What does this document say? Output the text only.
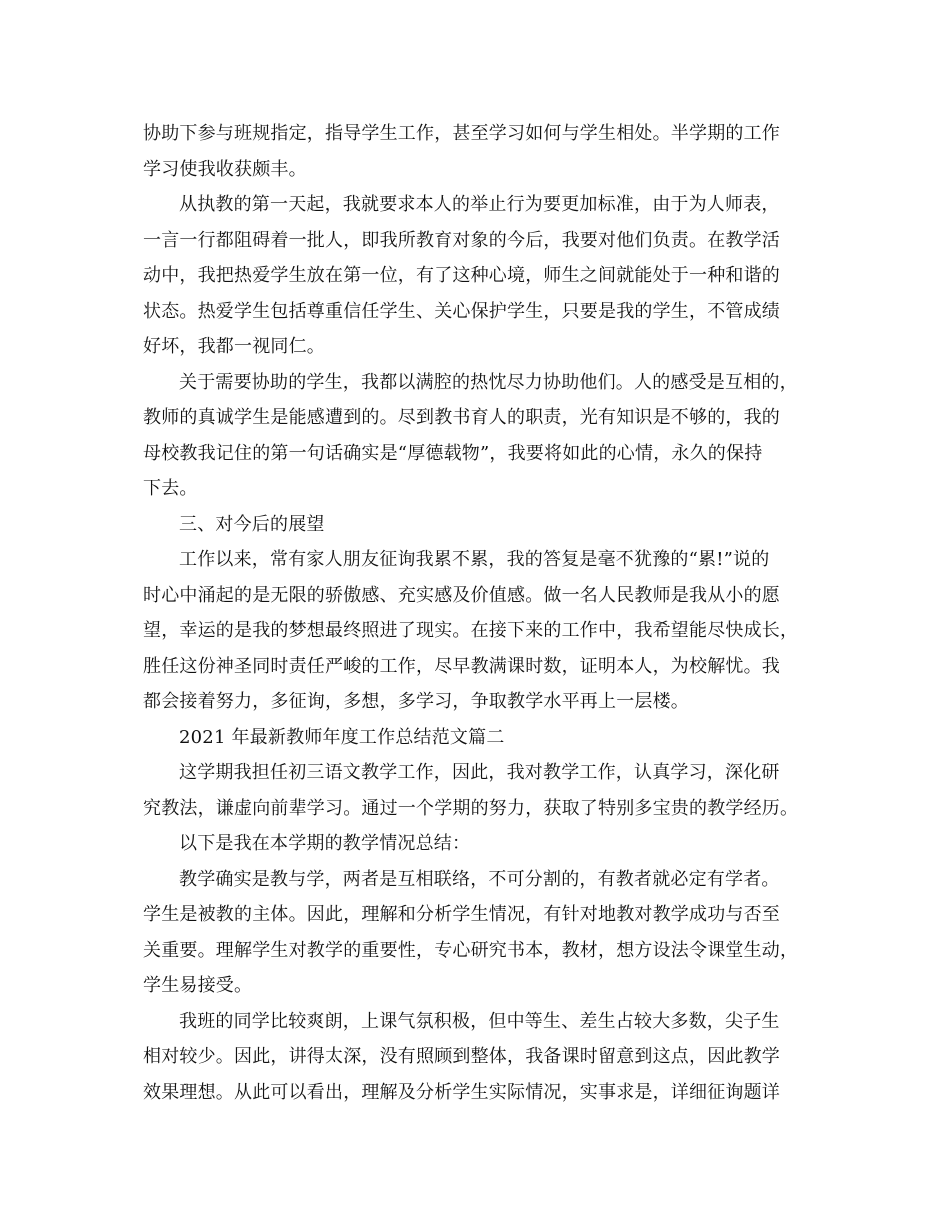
协助下参与班规指定，指导学生工作，甚至学习如何与学生相处。半学期的工作
学习使我收获颇丰。
从执教的第一天起，我就要求本人的举止行为要更加标准，由于为人师表，
一言一行都阻碍着一批人，即我所教育对象的今后，我要对他们负责。在教学活
动中，我把热爱学生放在第一位，有了这种心境，师生之间就能处于一种和谐的
状态。热爱学生包括尊重信任学生、关心保护学生，只要是我的学生，不管成绩
好坏，我都一视同仁。
关于需要协助的学生，我都以满腔的热忱尽力协助他们。人的感受是互相的，
教师的真诚学生是能感遭到的。尽到教书育人的职责，光有知识是不够的，我的
母校教我记住的第一句话确实是“厚德载物”，我要将如此的心情，永久的保持
下去。
三、对今后的展望
工作以来，常有家人朋友征询我累不累，我的答复是毫不犹豫的“累!”说的
时心中涌起的是无限的骄傲感、充实感及价值感。做一名人民教师是我从小的愿
望，幸运的是我的梦想最终照进了现实。在接下来的工作中，我希望能尽快成长，
胜任这份神圣同时责任严峻的工作，尽早教满课时数，证明本人，为校解忧。我
都会接着努力，多征询，多想，多学习，争取教学水平再上一层楼。
2021 年最新教师年度工作总结范文篇二
这学期我担任初三语文教学工作，因此，我对教学工作，认真学习，深化研
究教法，谦虚向前辈学习。通过一个学期的努力，获取了特别多宝贵的教学经历。
以下是我在本学期的教学情况总结：
教学确实是教与学，两者是互相联络，不可分割的，有教者就必定有学者。
学生是被教的主体。因此，理解和分析学生情况，有针对地教对教学成功与否至
关重要。理解学生对教学的重要性，专心研究书本，教材，想方设法令课堂生动，
学生易接受。
我班的同学比较爽朗，上课气氛积极，但中等生、差生占较大多数，尖子生
相对较少。因此，讲得太深，没有照顾到整体，我备课时留意到这点，因此教学
效果理想。从此可以看出，理解及分析学生实际情况，实事求是，详细征询题详
